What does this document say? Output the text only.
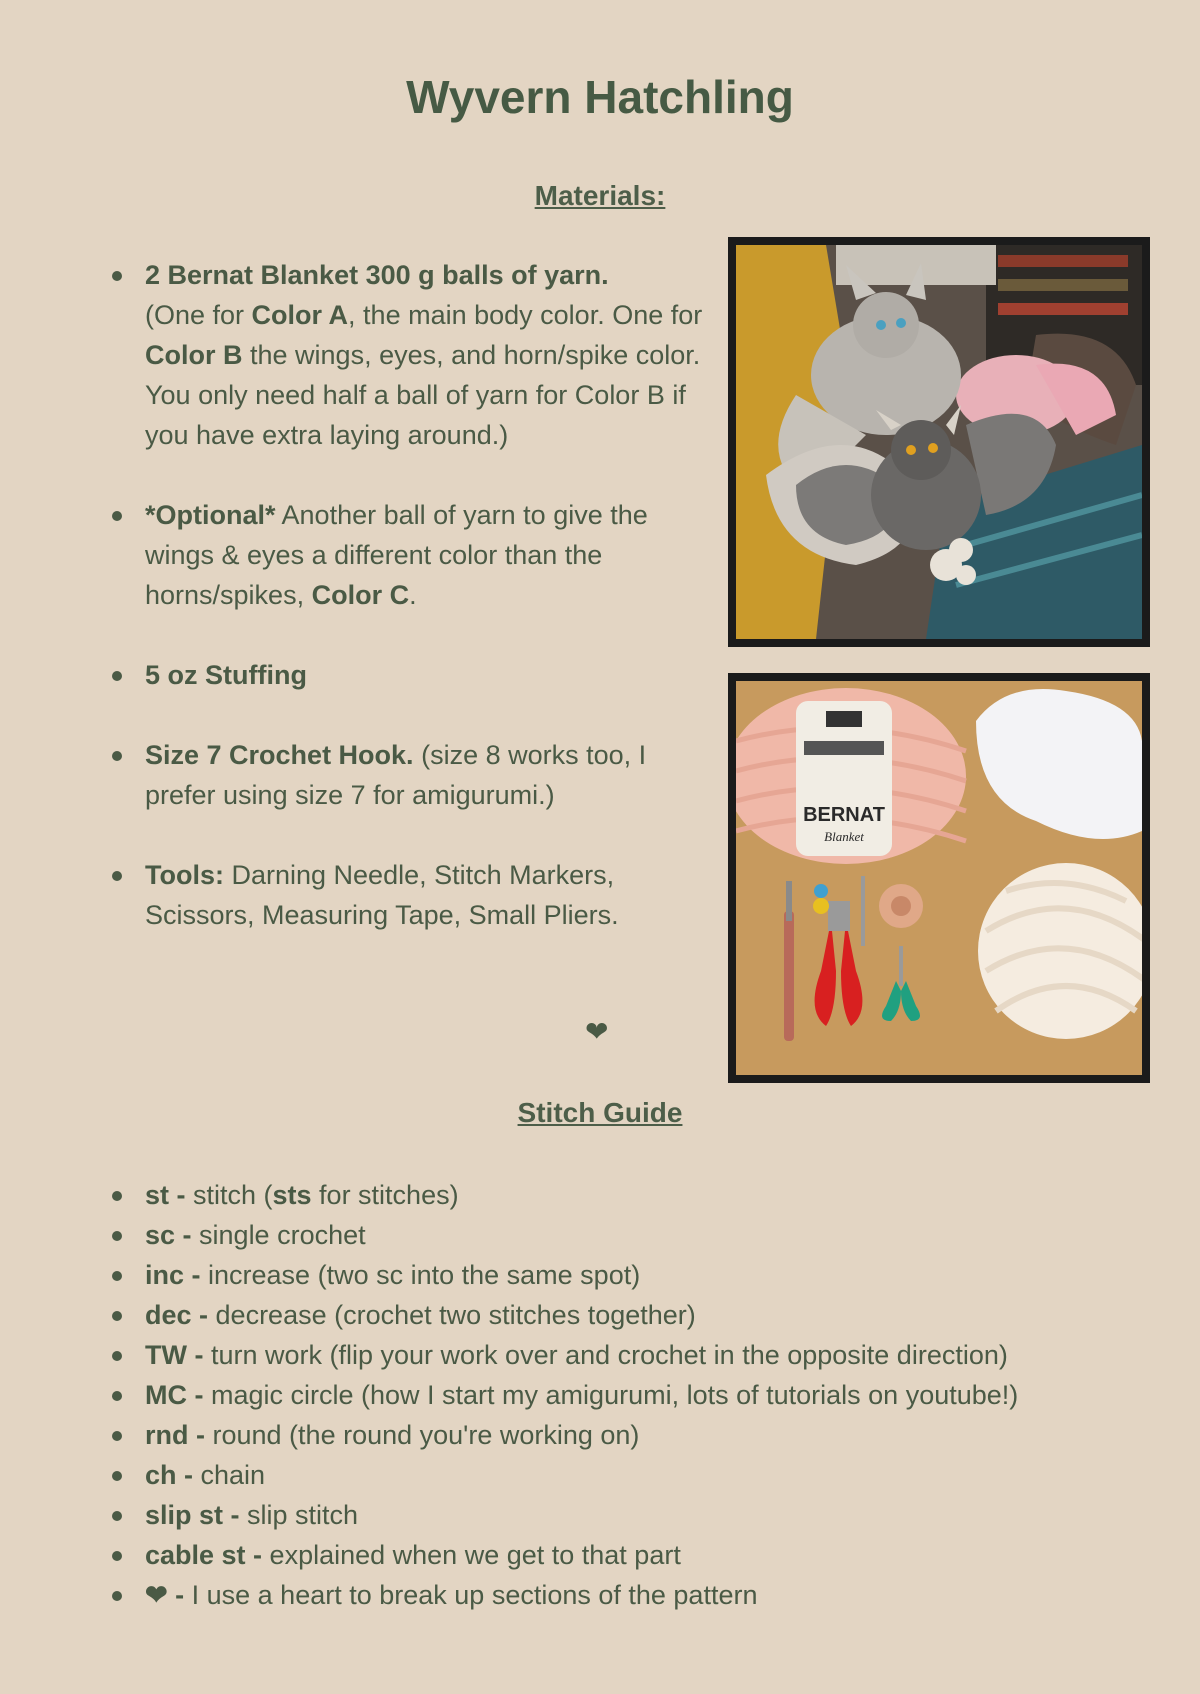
Wyvern Hatchling
Materials:
2 Bernat Blanket 300 g balls of yarn.
(One for Color A, the main body color. One for Color B the wings, eyes, and horn/spike color. You only need half a ball of yarn for Color B if you have extra laying around.)
*Optional* Another ball of yarn to give the wings & eyes a different color than the horns/spikes, Color C.
5 oz Stuffing
Size 7 Crochet Hook. (size 8 works too, I prefer using size 7 for amigurumi.)
Tools: Darning Needle, Stitch Markers, Scissors, Measuring Tape, Small Pliers.
❤
BERNAT
Blanket
Stitch Guide
st - stitch (sts for stitches)
sc - single crochet
inc - increase (two sc into the same spot)
dec - decrease (crochet two stitches together)
TW - turn work (flip your work over and crochet in the opposite direction)
MC - magic circle (how I start my amigurumi, lots of tutorials on youtube!)
rnd - round (the round you're working on)
ch - chain
slip st - slip stitch
cable st - explained when we get to that part
❤ - I use a heart to break up sections of the pattern
